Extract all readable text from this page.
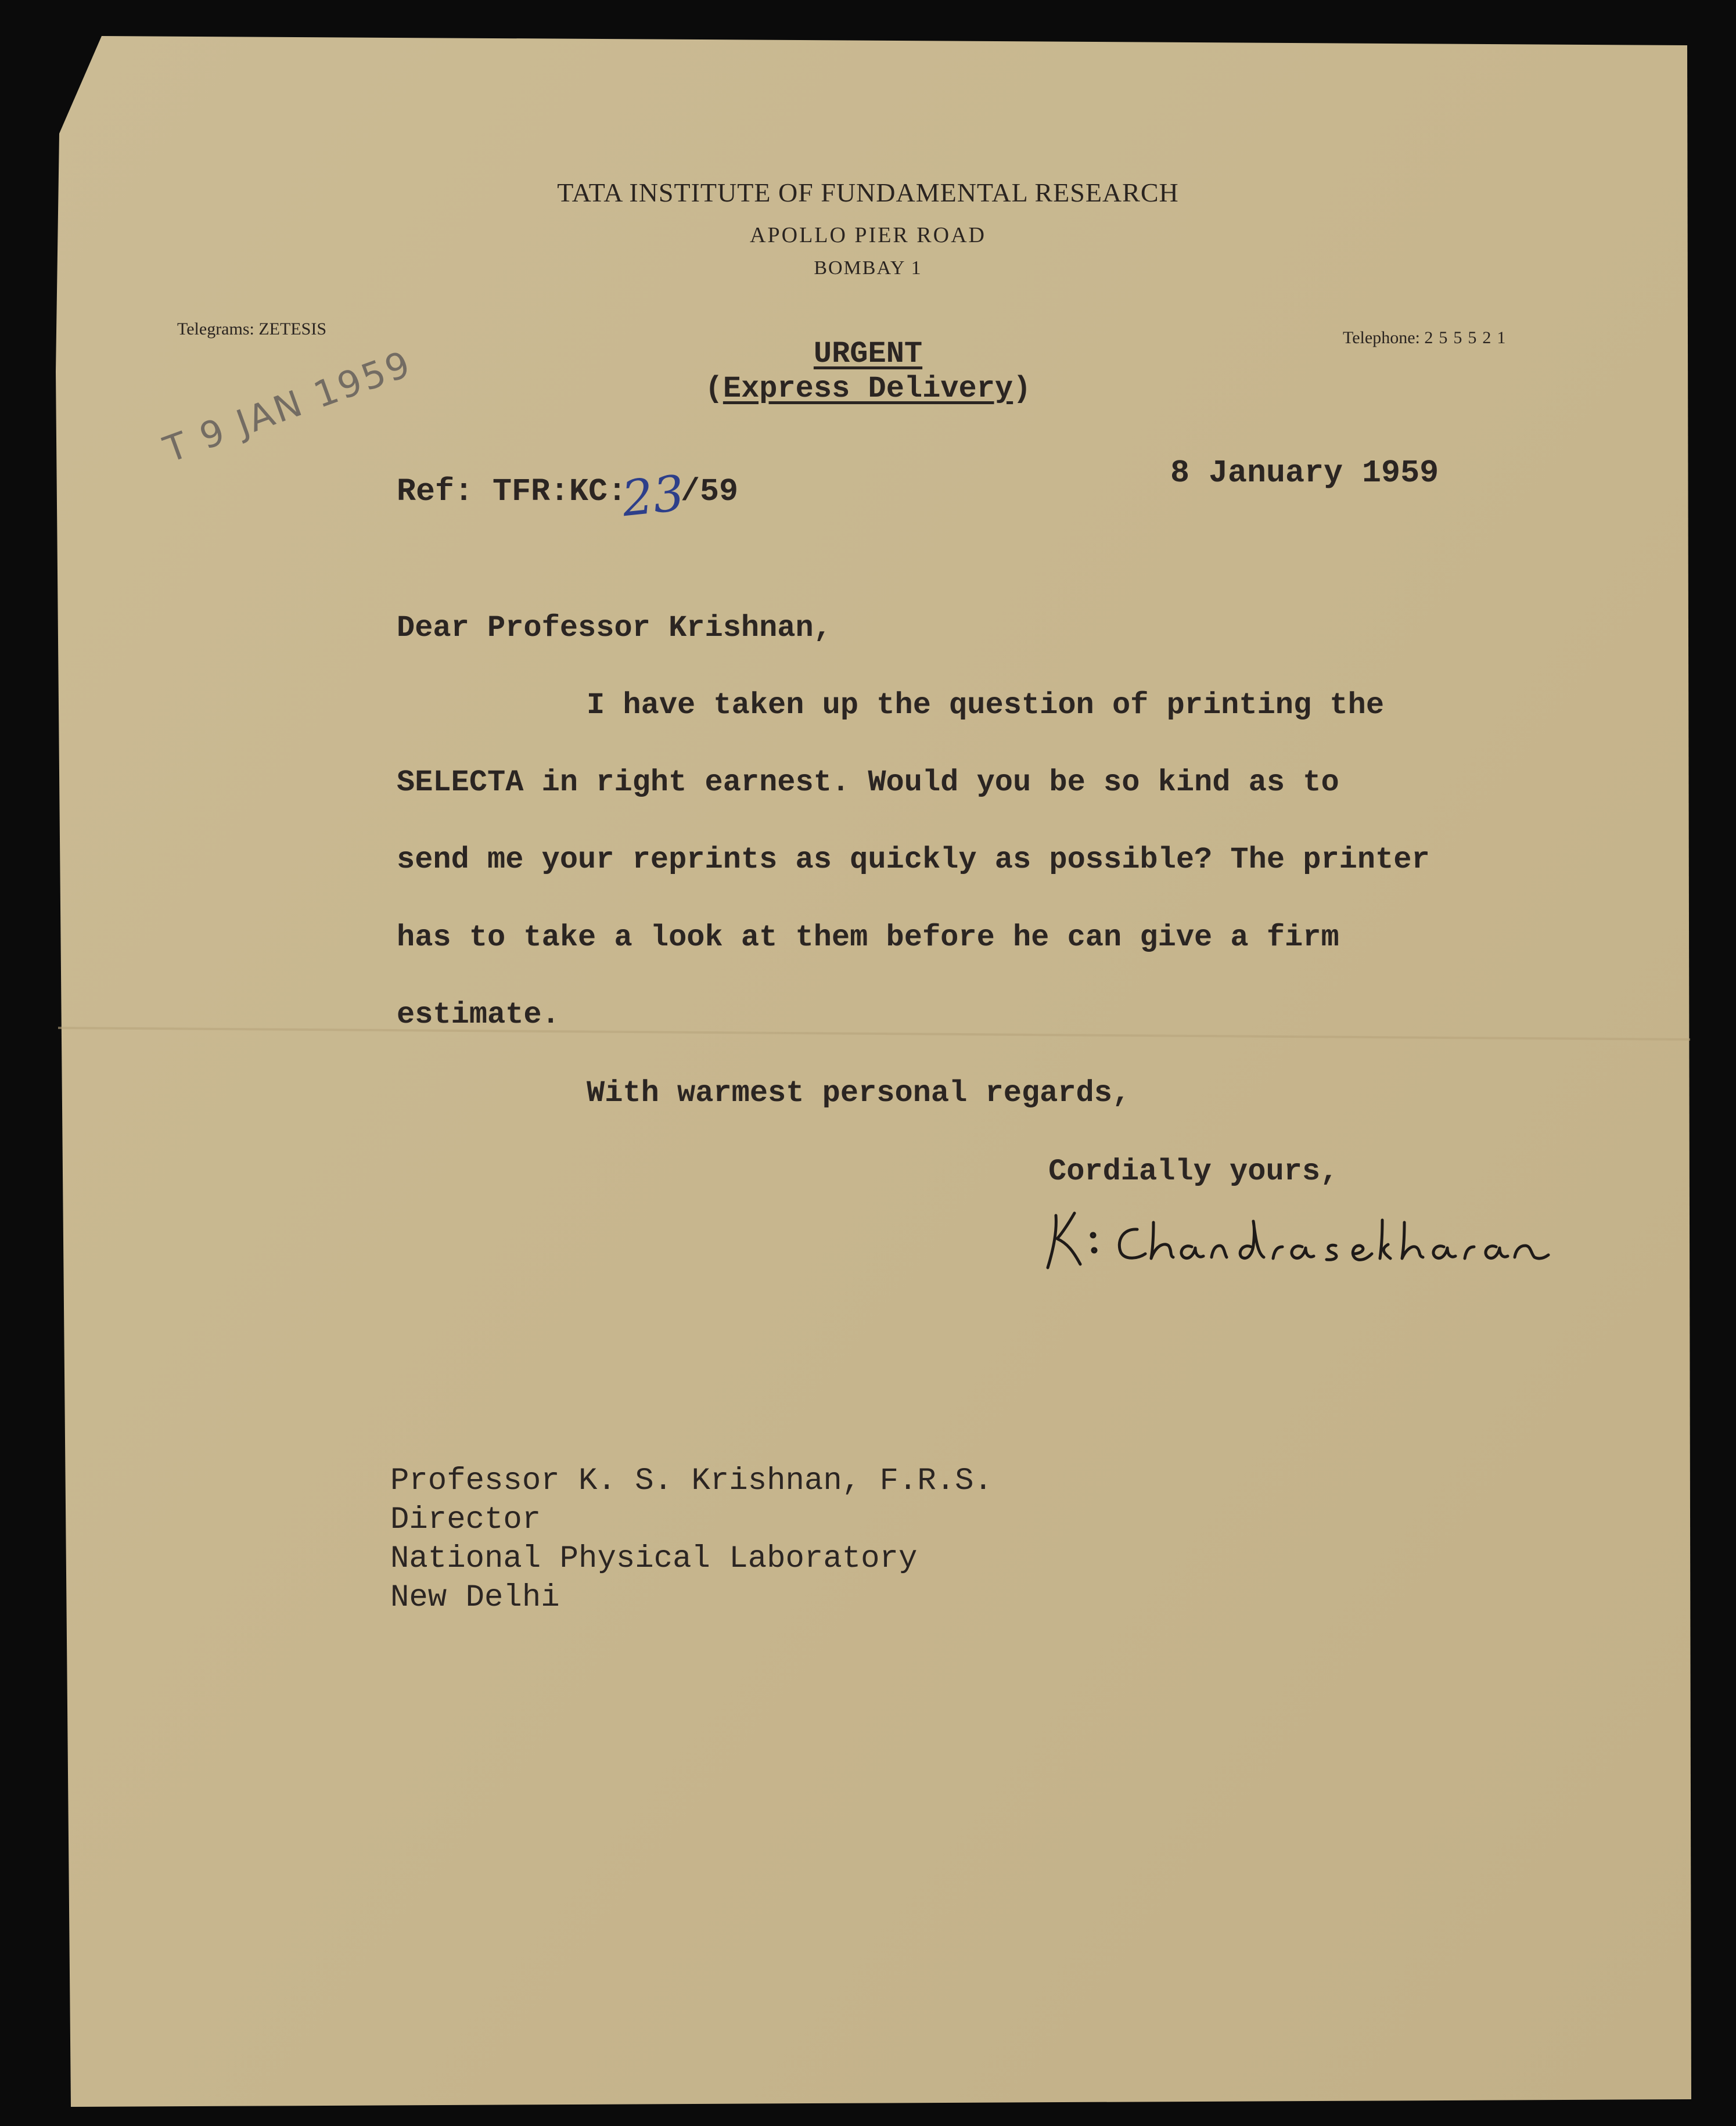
TATA INSTITUTE OF FUNDAMENTAL RESEARCH

APOLLO PIER ROAD

BOMBAY 1

Telegrams: ZETESIS	Telephone: 255521

URGENT

(Express Delivery)

T 9 JAN 1959

Ref: TFR:KC:23/59

8 January 1959

Dear Professor Krishnan,

I have taken up the question of printing the

SELECTA in right earnest. Would you be so kind as to

send me your reprints as quickly as possible? The printer

has to take a look at them before he can give a firm

estimate.

With warmest personal regards,

Cordially yours,

Professor K. S. Krishnan, F.R.S.

Director

National Physical Laboratory

New Delhi
